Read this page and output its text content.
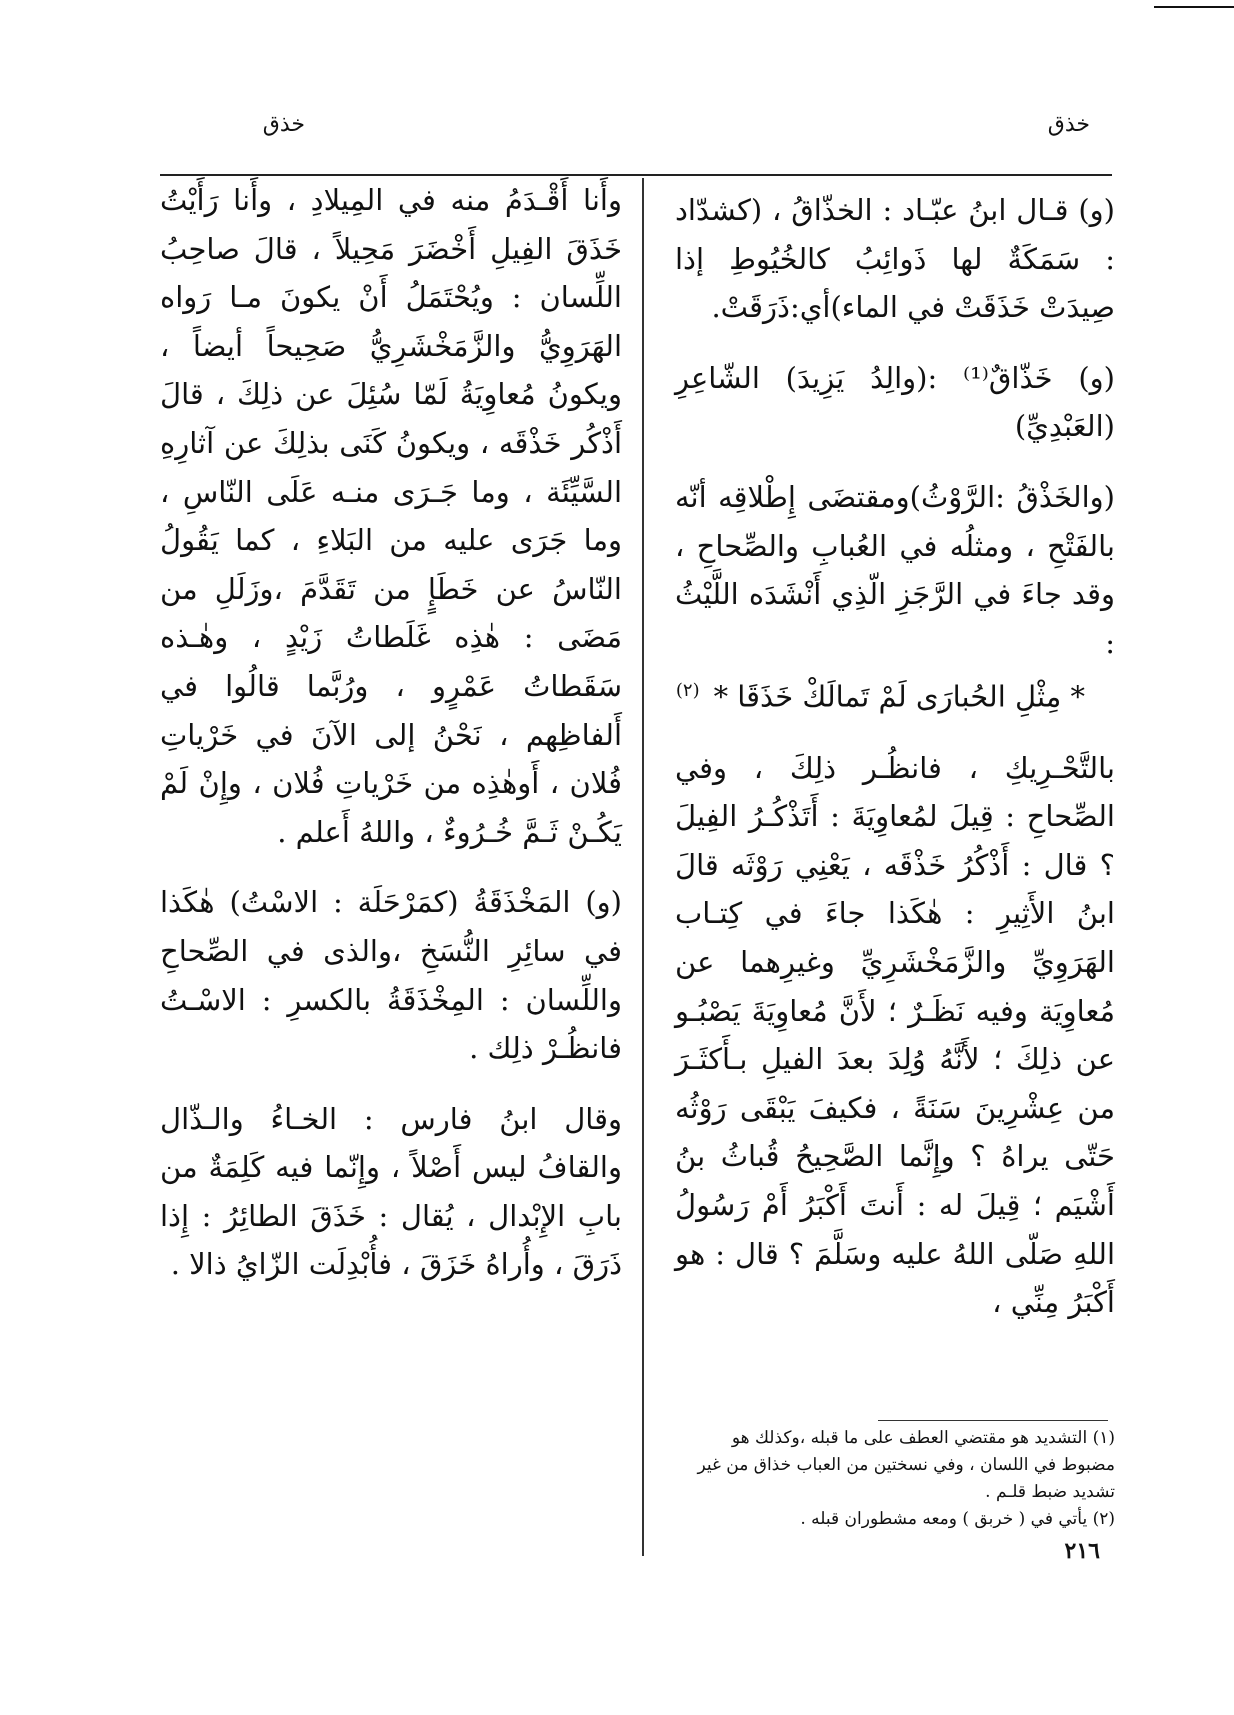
خذق
خذق

(و) قـال ابنُ عبّـاد : الخذّاقُ ، (كشدّاد : سَمَكَةٌ لها ذَوائِبُ كالخُيُوطِ إذا صِيدَتْ خَذَقَتْ في الماء)أي:ذَرَقَتْ.

(و) خَذّاقٌ⁽¹⁾ :(والِدُ يَزِيدَ) الشّاعِرِ (العَبْدِيِّ)

(والخَذْقُ :الرَّوْثُ)ومقتضَى إِطْلاقِه أنّه بالفَتْحِ ، ومثلُه في العُبابِ والصِّحاحِ ، وقد جاءَ في الرَّجَزِ الّذِي أَنْشَدَه اللَّيْثُ :

* مِثْلِ الحُبارَى لَمْ تَمالَكْ خَذَقَا *$^{(٢)}$

بالتَّحْـرِيكِ ، فانظُـر ذلِكَ ، وفي الصِّحاحِ : قِيلَ لمُعاوِيَةَ : أَتَذْكُـرُ الفِيلَ ؟ قال : أَذْكُرُ خَذْقَه ، يَعْنِي رَوْثَه قالَ ابنُ الأَثِيرِ : هٰكَذا جاءَ في كِتـاب الهَرَوِيِّ والزَّمَخْشَرِيِّ وغيرِهما عن مُعاوِيَة وفيه نَظَـرٌ ؛ لأَنَّ مُعاوِيَةَ يَصْبُـو عن ذلِكَ ؛ لأَنَّهُ وُلِدَ بعدَ الفيلِ بـأَكثَـرَ من عِشْرِينَ سَنَةً ، فكيفَ يَبْقَى رَوْثُه حَتّى يراهُ ؟ وإِنَّما الصَّحِيحُ قُباثُ بنُ أَشْيَم ؛ قِيلَ له : أَنتَ أَكْبَرُ أَمْ رَسُولُ اللهِ صَلّى اللهُ عليه وسَلَّمَ ؟ قال : هو أَكْبَرُ مِنِّي ،

وأَنا أَقْـدَمُ منه في المِيلادِ ، وأَنا رَأَيْتُ خَذَقَ الفِيلِ أَخْضَرَ مَحِيلاً ، قالَ صاحِبُ اللِّسان : ويُحْتَمَلُ أَنْ يكونَ مـا رَواه الهَرَوِيُّ والزَّمَخْشَرِيُّ صَحِيحاً أيضاً ، ويكونُ مُعاوِيَةُ لَمّا سُئِلَ عن ذلِكَ ، قالَ أَذْكُر خَذْقَه ، ويكونُ كَنَى بذلِكَ عن آثارِهِ السَّيِّئَة ، وما جَـرَى منـه عَلَى النّاسِ ، وما جَرَى عليه من البَلاءِ ، كما يَقُولُ النّاسُ عن خَطَإٍ من تَقَدَّمَ ،وزَلَلِ من مَضَى : هٰذِه غَلَطاتُ زَيْدٍ ، وهٰـذه سَقَطاتُ عَمْرٍو ، ورُبَّما قالُوا في أَلفاظِهم ، نَحْنُ إلى الآنَ في خَرْياتِ فُلان ، أَوهٰذِه من خَرْياتِ فُلان ، وإِنْ لَمْ يَكُـنْ ثَـمَّ خُـرُوءٌ ، واللهُ أَعلم .

(و) المَخْذَقَةُ (كمَرْحَلَة : الاسْتُ) هٰكَذا في سائِرِ النُّسَخِ ،والذى في الصِّحاحِ واللِّسان : المِخْذَقَةُ بالكسرِ : الاسْـتُ فانظُـرْ ذلِك .

وقال ابنُ فارس : الخـاءُ والـذّال والقافُ ليس أَصْلاً ، وإِنّما فيه كَلِمَةٌ من بابِ الإِبْدال ، يُقال : خَذَقَ الطائِرُ : إِذا ذَرَقَ ، وأُراهُ خَزَقَ ، فأُبْدِلَت الزّايُ ذالا .

(١) التشديد هو مقتضي العطف على ما قبله ،وكذلك هو مضبوط في اللسان ، وفي نسختين من العباب خذاق من غير تشديد ضبط قلـم .

(٢) يأتي في ( خربق ) ومعه مشطوران قبله .

٢١٦
